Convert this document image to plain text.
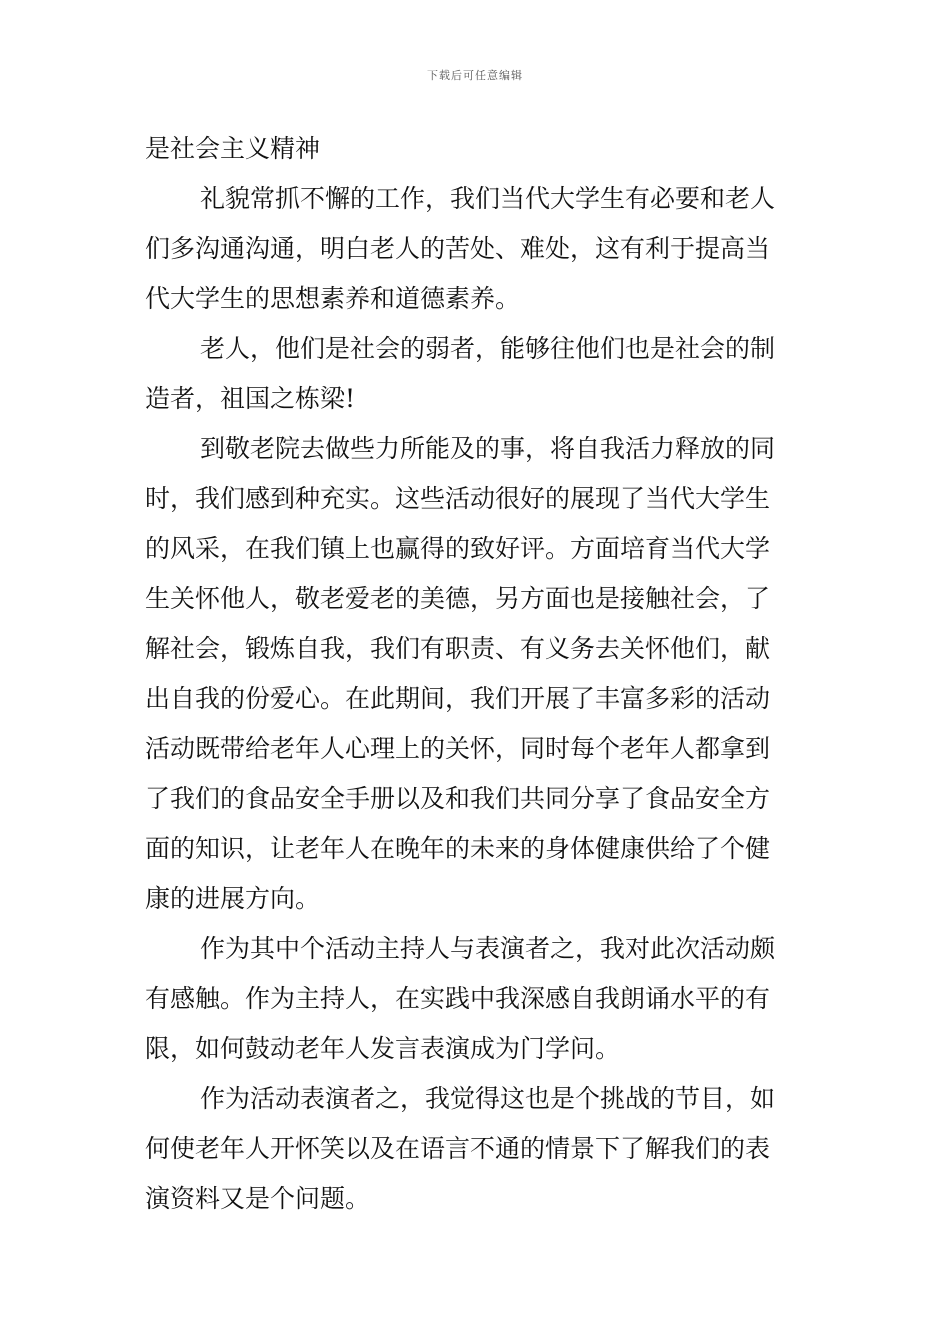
下载后可任意编辑
是社会主义精神
礼貌常抓不懈的工作，我们当代大学生有必要和老人
们多沟通沟通，明白老人的苦处、难处，这有利于提高当
代大学生的思想素养和道德素养。
老人，他们是社会的弱者，能够往他们也是社会的制
造者，祖国之栋梁!
到敬老院去做些力所能及的事，将自我活力释放的同
时，我们感到种充实。这些活动很好的展现了当代大学生
的风采，在我们镇上也赢得的致好评。方面培育当代大学
生关怀他人，敬老爱老的美德，另方面也是接触社会，了
解社会，锻炼自我，我们有职责、有义务去关怀他们，献
出自我的份爱心。在此期间，我们开展了丰富多彩的活动
活动既带给老年人心理上的关怀，同时每个老年人都拿到
了我们的食品安全手册以及和我们共同分享了食品安全方
面的知识，让老年人在晚年的未来的身体健康供给了个健
康的进展方向。
作为其中个活动主持人与表演者之，我对此次活动颇
有感触。作为主持人，在实践中我深感自我朗诵水平的有
限，如何鼓动老年人发言表演成为门学问。
作为活动表演者之，我觉得这也是个挑战的节目，如
何使老年人开怀笑以及在语言不通的情景下了解我们的表
演资料又是个问题。
